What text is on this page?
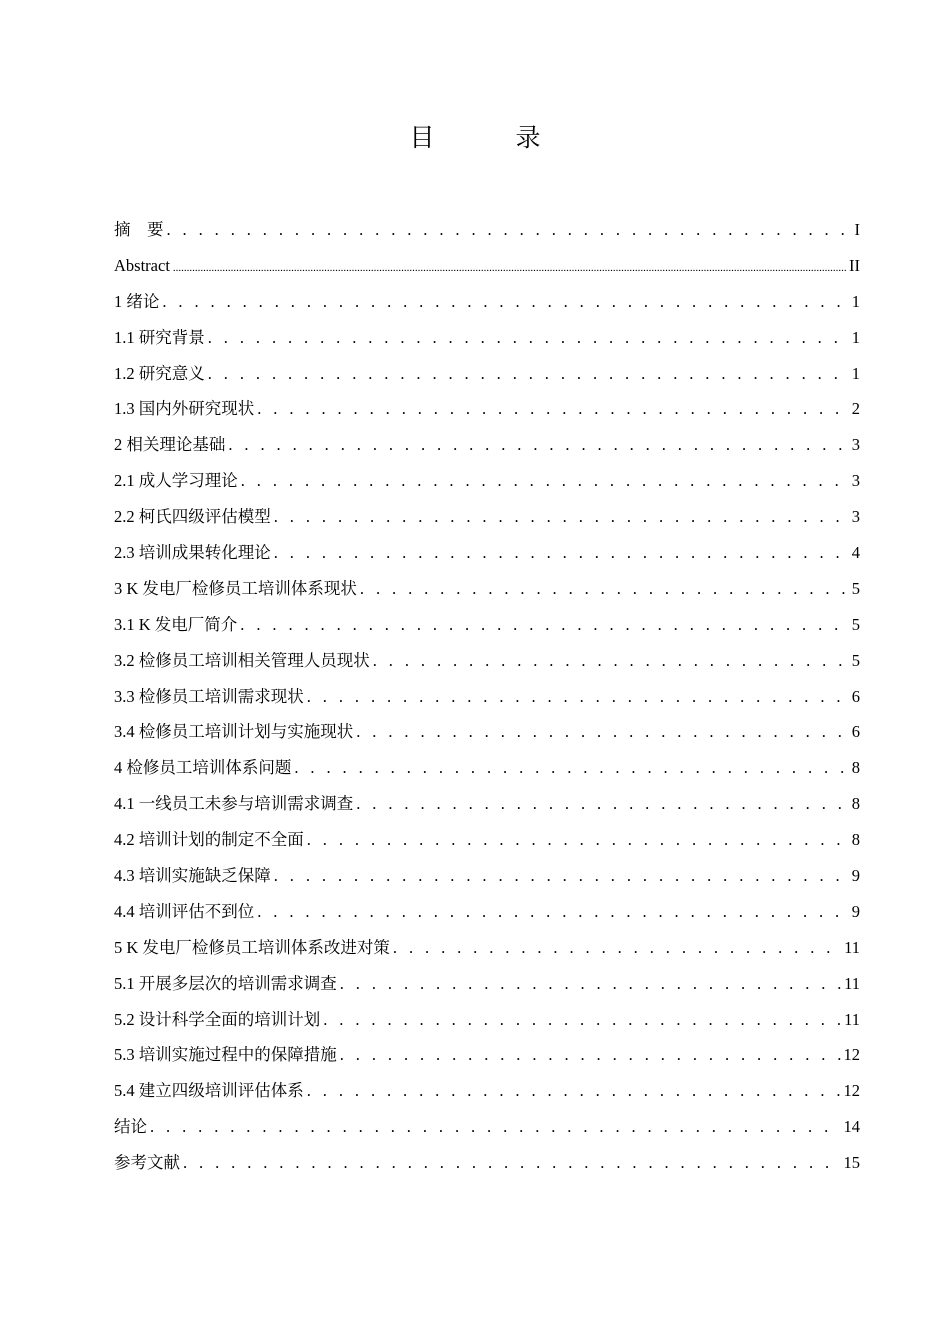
目　录
摘　要 . . .	I
Abstract .....	II
1 绪论 . . .	1
1.1 研究背景 . . .	1
1.2 研究意义 . . .	1
1.3 国内外研究现状 . . .	2
2 相关理论基础 . . .	3
2.1 成人学习理论 . . .	3
2.2 柯氏四级评估模型 . . .	3
2.3 培训成果转化理论 . . .	4
3 K 发电厂检修员工培训体系现状 . . .	5
3.1 K 发电厂简介 . . .	5
3.2 检修员工培训相关管理人员现状 . . .	5
3.3 检修员工培训需求现状 . . .	6
3.4 检修员工培训计划与实施现状 . . .	6
4 检修员工培训体系问题 . . .	8
4.1 一线员工未参与培训需求调查 . . .	8
4.2 培训计划的制定不全面 . . .	8
4.3 培训实施缺乏保障 . . .	9
4.4 培训评估不到位 . . .	9
5 K 发电厂检修员工培训体系改进对策 . . .	11
5.1 开展多层次的培训需求调查 . . .	11
5.2 设计科学全面的培训计划 . . .	11
5.3 培训实施过程中的保障措施 . . .	12
5.4 建立四级培训评估体系 . . .	12
结论 . . .	14
参考文献 . . .	15
